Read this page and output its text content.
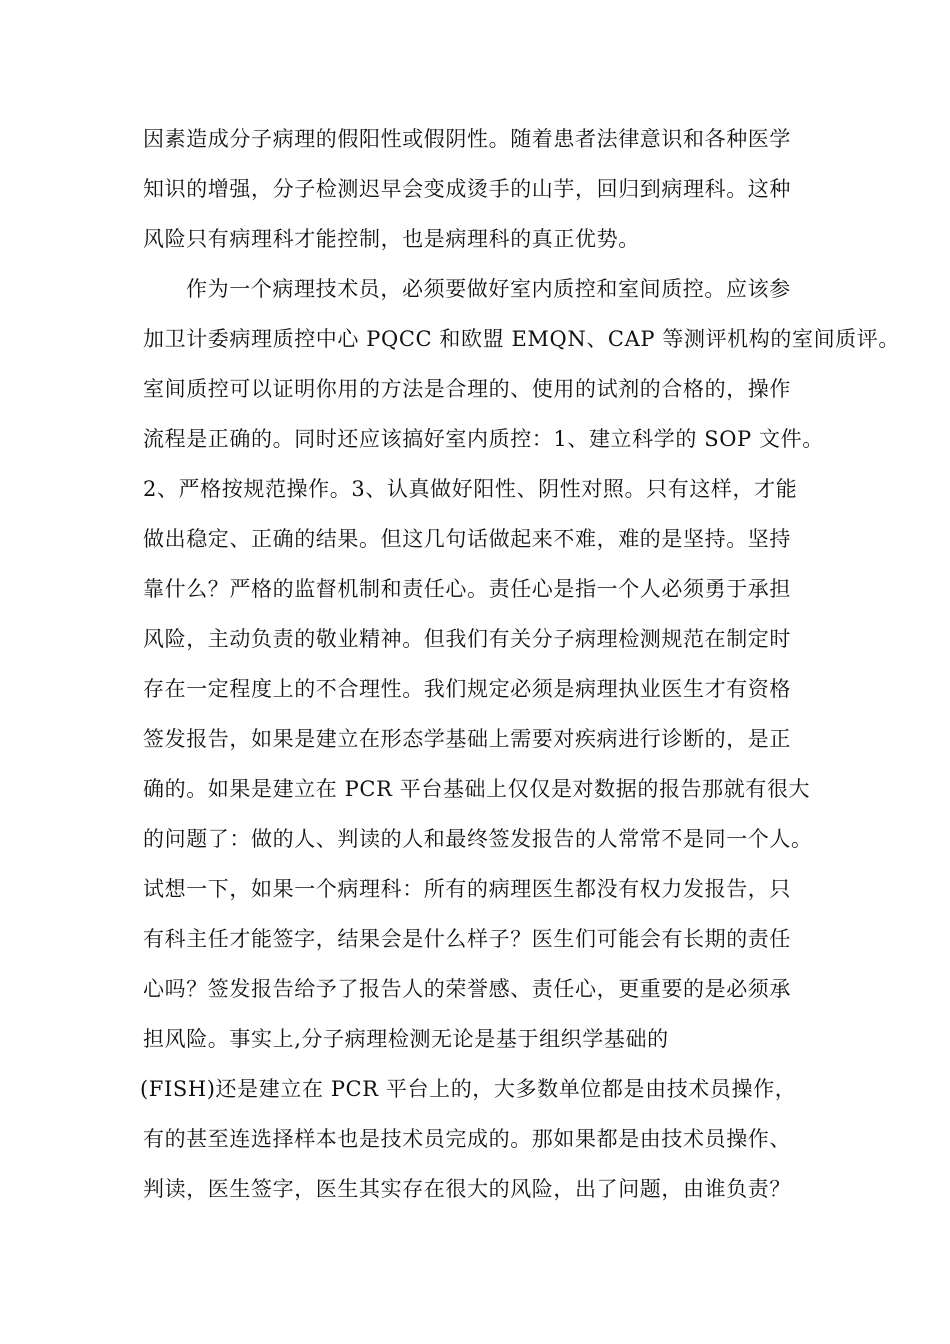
因素造成分子病理的假阳性或假阴性。随着患者法律意识和各种医学
知识的增强，分子检测迟早会变成烫手的山芋，回归到病理科。这种
风险只有病理科才能控制，也是病理科的真正优势。
作为一个病理技术员，必须要做好室内质控和室间质控。应该参
加卫计委病理质控中心 PQCC 和欧盟 EMQN、CAP 等测评机构的室间质评。
室间质控可以证明你用的方法是合理的、使用的试剂的合格的，操作
流程是正确的。同时还应该搞好室内质控：1、建立科学的 SOP 文件。
2、严格按规范操作。3、认真做好阳性、阴性对照。只有这样，才能
做出稳定、正确的结果。但这几句话做起来不难，难的是坚持。坚持
靠什么？严格的监督机制和责任心。责任心是指一个人必须勇于承担
风险，主动负责的敬业精神。但我们有关分子病理检测规范在制定时
存在一定程度上的不合理性。我们规定必须是病理执业医生才有资格
签发报告，如果是建立在形态学基础上需要对疾病进行诊断的，是正
确的。如果是建立在 PCR 平台基础上仅仅是对数据的报告那就有很大
的问题了：做的人、判读的人和最终签发报告的人常常不是同一个人。
试想一下，如果一个病理科：所有的病理医生都没有权力发报告，只
有科主任才能签字，结果会是什么样子？医生们可能会有长期的责任
心吗？签发报告给予了报告人的荣誉感、责任心，更重要的是必须承
担风险。事实上,分子病理检测无论是基于组织学基础的
(FISH)还是建立在 PCR 平台上的，大多数单位都是由技术员操作，
有的甚至连选择样本也是技术员完成的。那如果都是由技术员操作、
判读，医生签字，医生其实存在很大的风险，出了问题，由谁负责？
